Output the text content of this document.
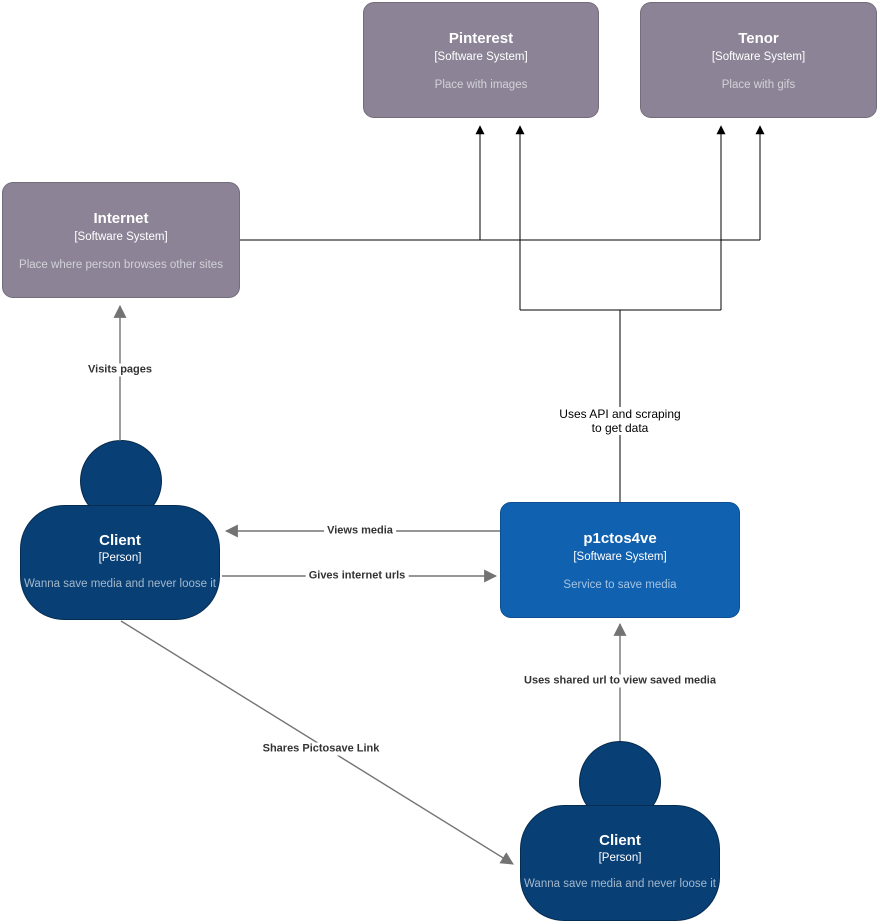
Pinterest
[Software System]
Place with images
Tenor
[Software System]
Place with gifs
Internet
[Software System]
Place where person browses other sites
Client
[Person]
Wanna save media and never loose it
p1ctos4ve
[Software System]
Service to save media
Client
[Person]
Wanna save media and never loose it
Visits pages
Uses API and scraping
to get data
Views media
Gives internet urls
Uses shared url to view saved media
Shares Pictosave Link
